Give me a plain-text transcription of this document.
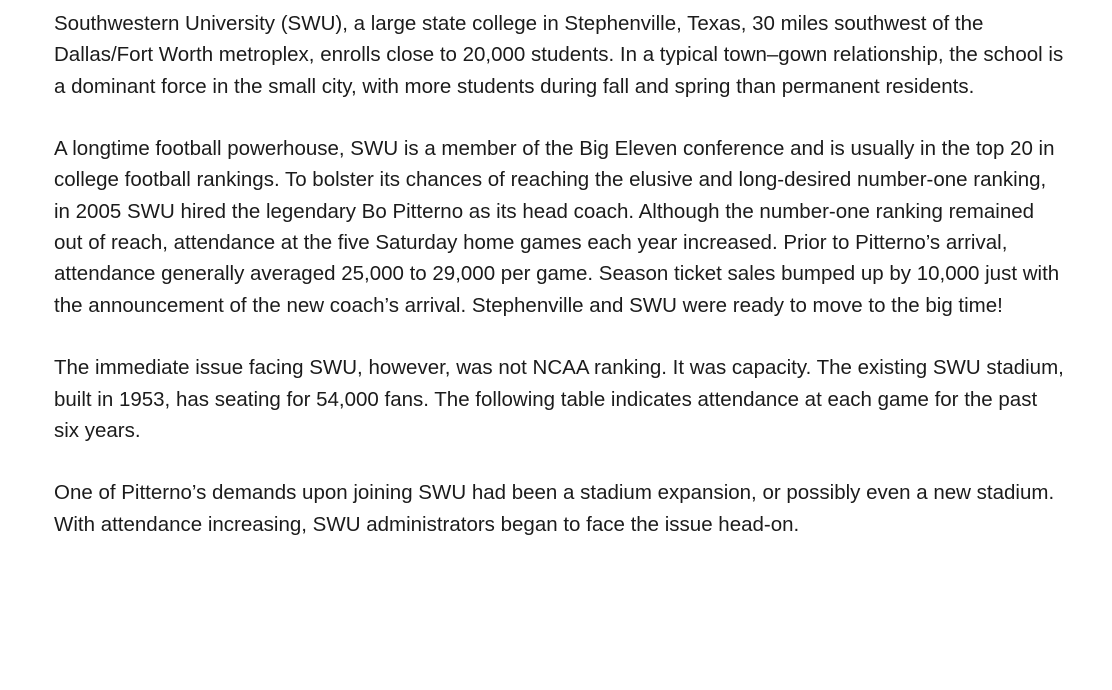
Southwestern University (SWU), a large state college in Stephenville, Texas, 30 miles southwest of the Dallas/Fort Worth metroplex, enrolls close to 20,000 students. In a typical town–gown relationship, the school is a dominant force in the small city, with more students during fall and spring than permanent residents.

A longtime football powerhouse, SWU is a member of the Big Eleven conference and is usually in the top 20 in college football rankings. To bolster its chances of reaching the elusive and long-desired number-one ranking, in 2005 SWU hired the legendary Bo Pitterno as its head coach. Although the number-one ranking remained out of reach, attendance at the five Saturday home games each year increased. Prior to Pitterno’s arrival, attendance generally averaged 25,000 to 29,000 per game. Season ticket sales bumped up by 10,000 just with the announcement of the new coach’s arrival. Stephenville and SWU were ready to move to the big time!

The immediate issue facing SWU, however, was not NCAA ranking. It was capacity. The existing SWU stadium, built in 1953, has seating for 54,000 fans. The following table indicates attendance at each game for the past six years.

One of Pitterno’s demands upon joining SWU had been a stadium expansion, or possibly even a new stadium. With attendance increasing, SWU administrators began to face the issue head-on.
